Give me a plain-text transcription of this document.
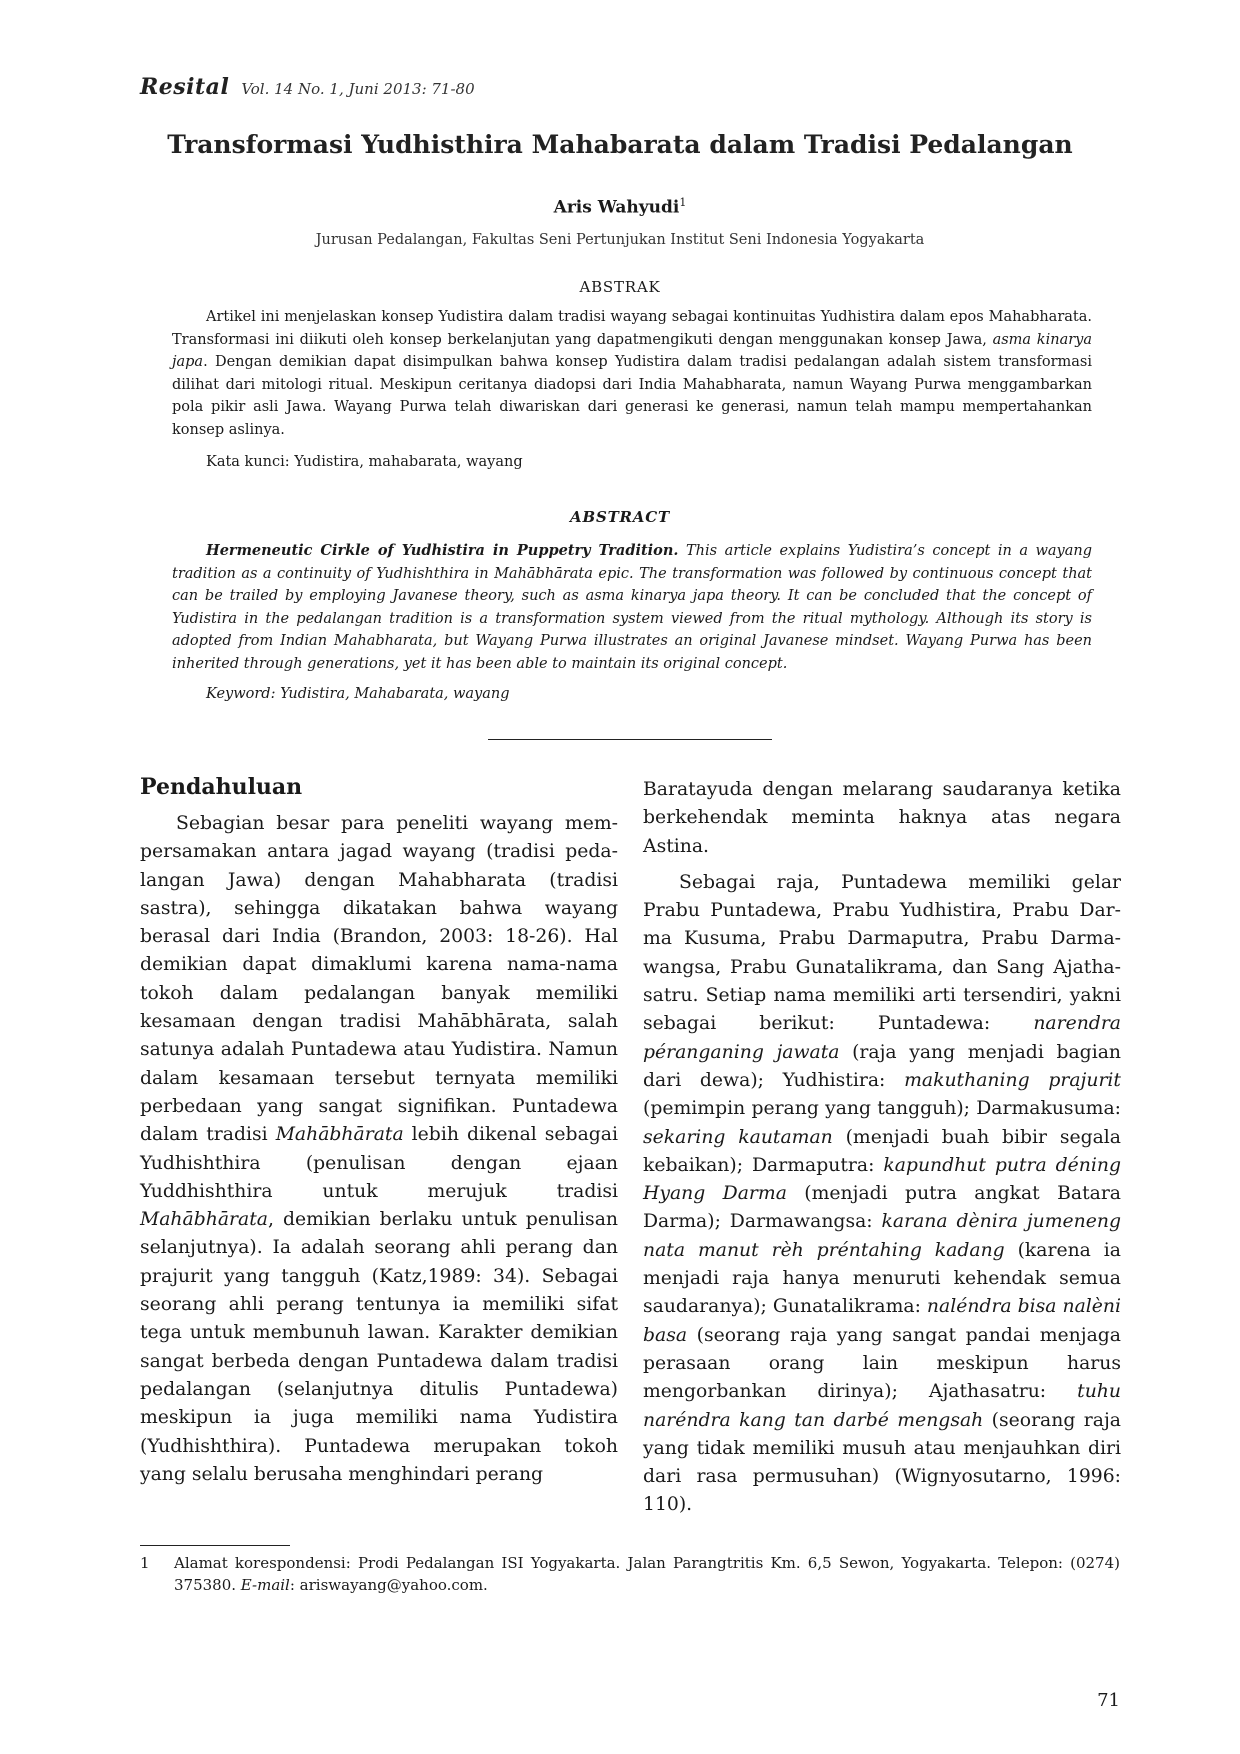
Resital Vol. 14 No. 1, Juni 2013: 71-80
Transformasi Yudhisthira Mahabarata dalam Tradisi Pedalangan
Aris Wahyudi$^1$
Jurusan Pedalangan, Fakultas Seni Pertunjukan Institut Seni Indonesia Yogyakarta
ABSTRAK

Artikel ini menjelaskan konsep Yudistira dalam tradisi wayang sebagai kontinuitas Yudhistira dalam epos Mahabharata. Transformasi ini diikuti oleh konsep berkelanjutan yang dapatmengikuti dengan menggunakan konsep Jawa, asma kinarya japa. Dengan demikian dapat disimpulkan bahwa konsep Yudistira dalam tradisi pedalangan adalah sistem transformasi dilihat dari mitologi ritual. Meskipun ceritanya diadopsi dari India Mahabharata, namun Wayang Purwa menggambarkan pola pikir asli Jawa. Wayang Purwa telah diwariskan dari generasi ke generasi, namun telah mampu mempertahankan konsep aslinya.

Kata kunci: Yudistira, mahabarata, wayang
ABSTRACT

Hermeneutic Cirkle of Yudhistira in Puppetry Tradition. This article explains Yudistira’s concept in a wayang tradition as a continuity of Yudhishthira in Mahābhārata epic. The transformation was followed by continuous concept that can be trailed by employing Javanese theory, such as asma kinarya japa theory. It can be concluded that the concept of Yudistira in the pedalangan tradition is a transformation system viewed from the ritual mythology. Although its story is adopted from Indian Mahabharata, but Wayang Purwa illustrates an original Javanese mindset. Wayang Purwa has been inherited through generations, yet it has been able to maintain its original concept.

Keyword: Yudistira, Mahabarata, wayang
Pendahuluan

Sebagian besar para peneliti wayang mempersamakan antara jagad wayang (tradisi pedalangan Jawa) dengan Mahabharata (tradisi sastra), sehingga dikatakan bahwa wayang berasal dari India (Brandon, 2003: 18-26). Hal demikian dapat dimaklumi karena nama-nama tokoh dalam pedalangan banyak memiliki kesamaan dengan tradisi Mahābhārata, salah satunya adalah Puntadewa atau Yudistira. Namun dalam kesamaan tersebut ternyata memiliki perbedaan yang sangat signifikan. Puntadewa dalam tradisi Mahābhārata lebih dikenal sebagai Yudhishthira (penulisan dengan ejaan Yuddhishthira untuk merujuk tradisi Mahābhārata, demikian berlaku untuk penulisan selanjutnya). Ia adalah seorang ahli perang dan prajurit yang tangguh (Katz,1989: 34). Sebagai seorang ahli perang tentunya ia memiliki sifat tega untuk membunuh lawan. Karakter demikian sangat berbeda dengan Puntadewa dalam tradisi pedalangan (selanjutnya ditulis Puntadewa) meskipun ia juga memiliki nama Yudistira (Yudhishthira). Puntadewa merupakan tokoh yang selalu berusaha menghindari perang

Baratayuda dengan melarang saudaranya ketika berkehendak meminta haknya atas negara Astina.

Sebagai raja, Puntadewa memiliki gelar Prabu Puntadewa, Prabu Yudhistira, Prabu Darma Kusuma, Prabu Darmaputra, Prabu Darmawangsa, Prabu Gunatalikrama, dan Sang Ajathasatru. Setiap nama memiliki arti tersendiri, yakni sebagai berikut: Puntadewa: narendra péranganing jawata (raja yang menjadi bagian dari dewa); Yudhistira: makuthaning prajurit (pemimpin perang yang tangguh); Darmakusuma: sekaring kautaman (menjadi buah bibir segala kebaikan); Darmaputra: kapundhut putra déning Hyang Darma (menjadi putra angkat Batara Darma); Darmawangsa: karana dènira jumeneng nata manut rèh préntahing kadang (karena ia menjadi raja hanya menuruti kehendak semua saudaranya); Gunatalikrama: naléndra bisa nalèni basa (seorang raja yang sangat pandai menjaga perasaan orang lain meskipun harus mengorbankan dirinya); Ajathasatru: tuhu naréndra kang tan darbé mengsah (seorang raja yang tidak memiliki musuh atau menjauhkan diri dari rasa permusuhan) (Wignyosutarno, 1996: 110).

1	Alamat korespondensi: Prodi Pedalangan ISI Yogyakarta. Jalan Parangtritis Km. 6,5 Sewon, Yogyakarta. Telepon: (0274) 375380. E-mail: ariswayang@yahoo.com.
71
